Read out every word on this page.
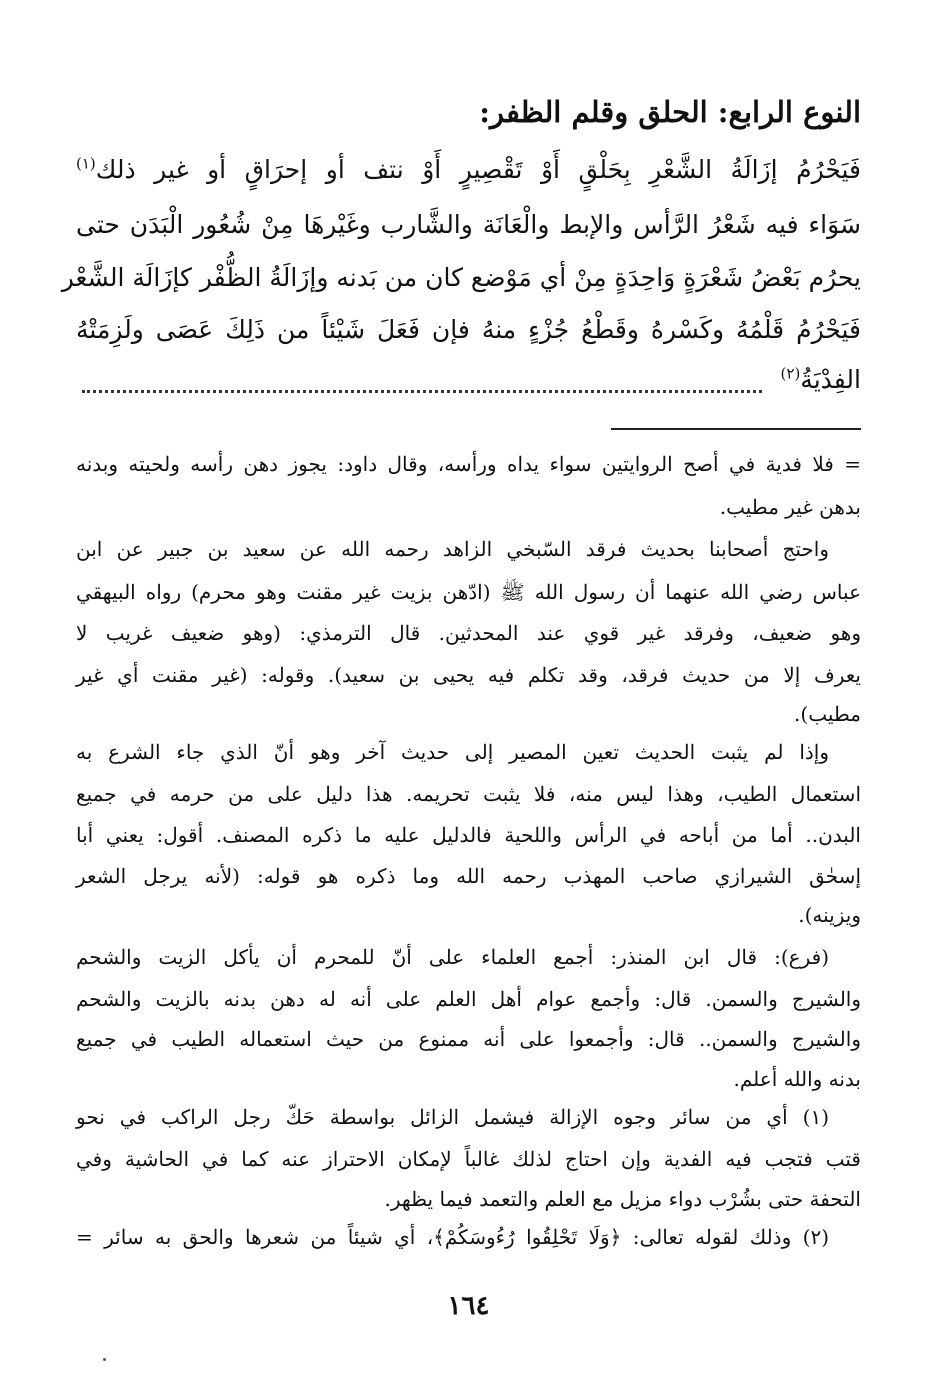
النوع الرابع: الحلق وقلم الظفر:
فَيَحْرُمُ إزَالَةُ الشَّعْرِ بِحَلْقٍ أَوْ تَقْصِيرٍ أَوْ نتف أو إحرَاقٍ أو غير ذلك$^{(١)}$
سَوَاء فيه شَعْرُ الرَّأس والإبط والْعَانَة والشَّارب وغَيْرهَا مِنْ شُعُور الْبَدَن حتى
يحرُم بَعْضُ شَعْرَةٍ وَاحِدَةٍ مِنْ أي مَوْضع كان من بَدنه وإزَالَةُ الظُّفْر كإزَالَة الشَّعْر
فَيَحْرُمُ قَلْمُهُ وكَسْرهُ وقَطْعُ جُزْءٍ منهُ فإن فَعَلَ شَيْئاً من ذَلِكَ عَصَى ولَزِمَتْهُ
الفِدْيَةُ$^{(٢)}$
= فلا فدية في أصح الروايتين سواء يداه ورأسه، وقال داود: يجوز دهن رأسه ولحيته وبدنه
بدهن غير مطيب.
واحتج أصحابنا بحديث فرقد السّبخي الزاهد رحمه الله عن سعيد بن جبير عن ابن
عباس رضي الله عنهما أن رسول الله ﷺ (ادّهن بزيت غير مقنت وهو محرم) رواه البيهقي
وهو ضعيف، وفرقد غير قوي عند المحدثين. قال الترمذي: (وهو ضعيف غريب لا
يعرف إلا من حديث فرقد، وقد تكلم فيه يحيى بن سعيد). وقوله: (غير مقنت أي غير
مطيب).
وإذا لم يثبت الحديث تعين المصير إلى حديث آخر وهو أنّ الذي جاء الشرع به
استعمال الطيب، وهذا ليس منه، فلا يثبت تحريمه. هذا دليل على من حرمه في جميع
البدن.. أما من أباحه في الرأس واللحية فالدليل عليه ما ذكره المصنف. أقول: يعني أبا
إسحٰق الشيرازي صاحب المهذب رحمه الله وما ذكره هو قوله: (لأنه يرجل الشعر
ويزينه).
(فرع): قال ابن المنذر: أجمع العلماء على أنّ للمحرم أن يأكل الزيت والشحم
والشيرج والسمن. قال: وأجمع عوام أهل العلم على أنه له دهن بدنه بالزيت والشحم
والشيرج والسمن.. قال: وأجمعوا على أنه ممنوع من حيث استعماله الطيب في جميع
بدنه والله أعلم.
(١) أي من سائر وجوه الإزالة فيشمل الزائل بواسطة حَكّ رجل الراكب في نحو
قتب فتجب فيه الفدية وإن احتاج لذلك غالباً لإمكان الاحتراز عنه كما في الحاشية وفي
التحفة حتى بشُرْب دواء مزيل مع العلم والتعمد فيما يظهر.
(٢) وذلك لقوله تعالى: ﴿وَلَا تَحْلِقُوا رُءُوسَكُمْ﴾، أي شيئاً من شعرها والحق به سائر =
١٦٤
